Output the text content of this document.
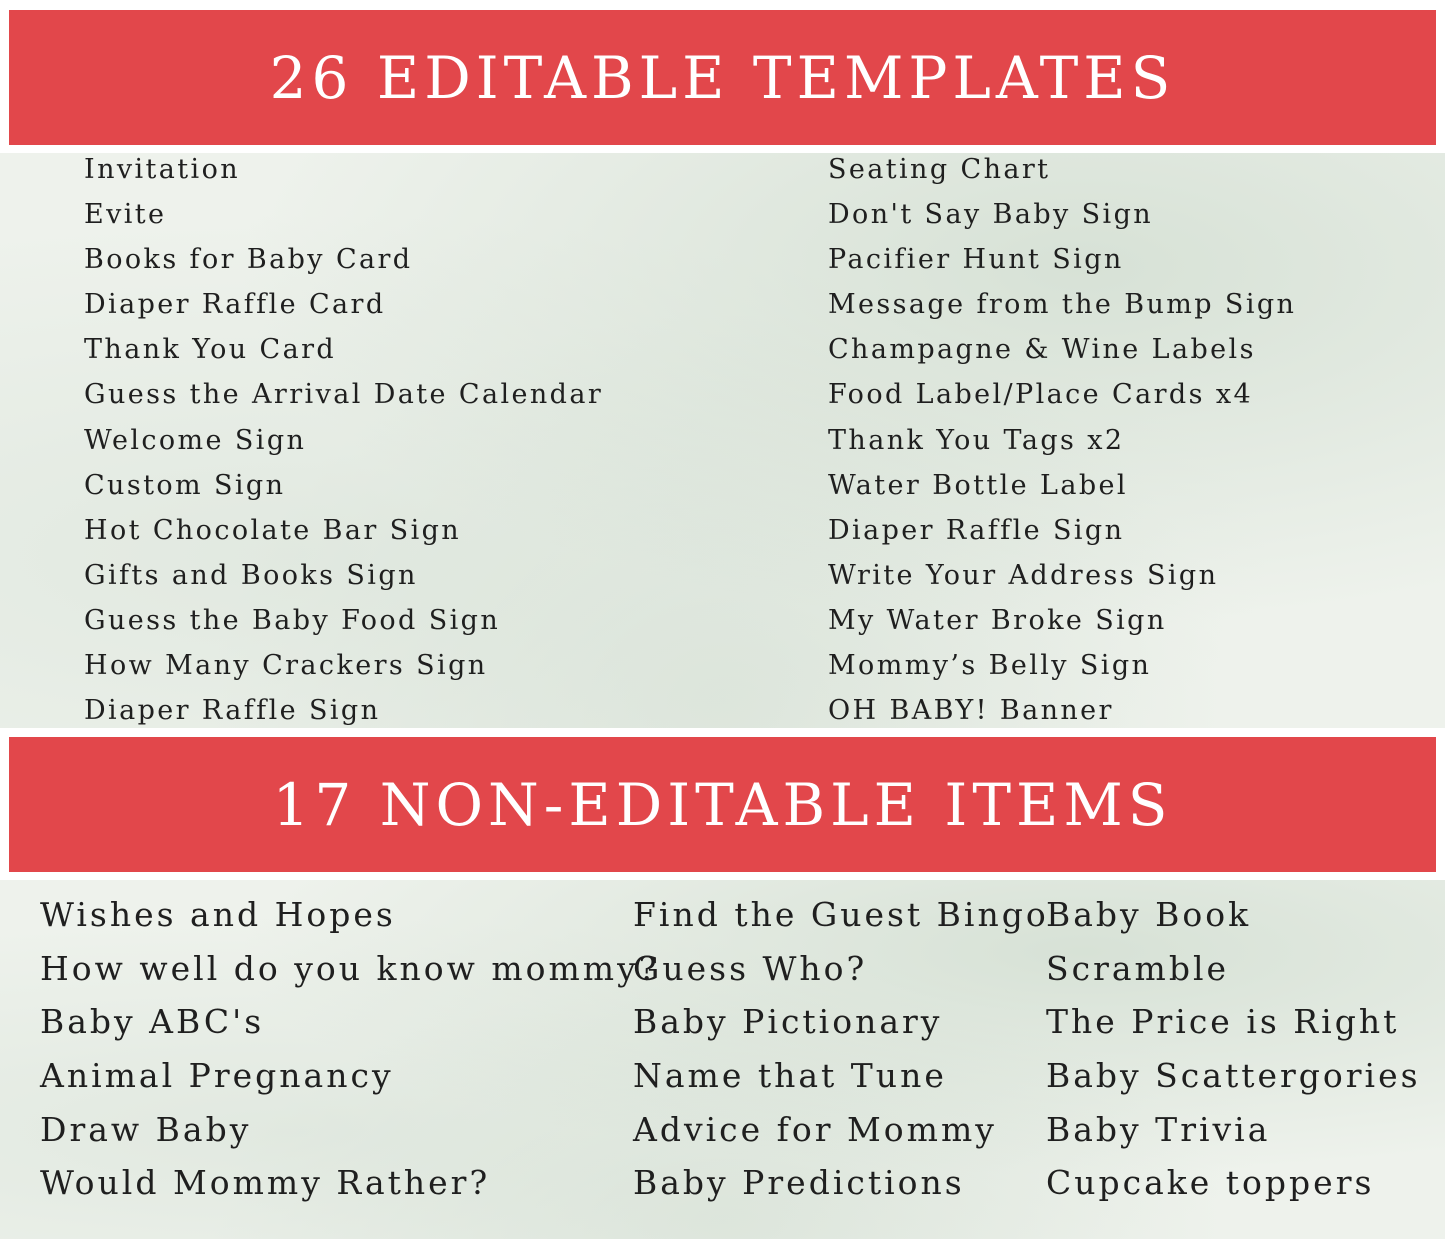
26 EDITABLE TEMPLATES
Invitation
Evite
Books for Baby Card
Diaper Raffle Card
Thank You Card
Guess the Arrival Date Calendar
Welcome Sign
Custom Sign
Hot Chocolate Bar Sign
Gifts and Books Sign
Guess the Baby Food Sign
How Many Crackers Sign
Diaper Raffle Sign
Seating Chart
Don't Say Baby Sign
Pacifier Hunt Sign
Message from the Bump Sign
Champagne & Wine Labels
Food Label/Place Cards x4
Thank You Tags x2
Water Bottle Label
Diaper Raffle Sign
Write Your Address Sign
My Water Broke Sign
Mommy’s Belly Sign
OH BABY! Banner
17 NON-EDITABLE ITEMS
Wishes and Hopes
How well do you know mommy?
Baby ABC's
Animal Pregnancy
Draw Baby
Would Mommy Rather?
Find the Guest Bingo
Guess Who?
Baby Pictionary
Name that Tune
Advice for Mommy
Baby Predictions
Baby Book
Scramble
The Price is Right
Baby Scattergories
Baby Trivia
Cupcake toppers
